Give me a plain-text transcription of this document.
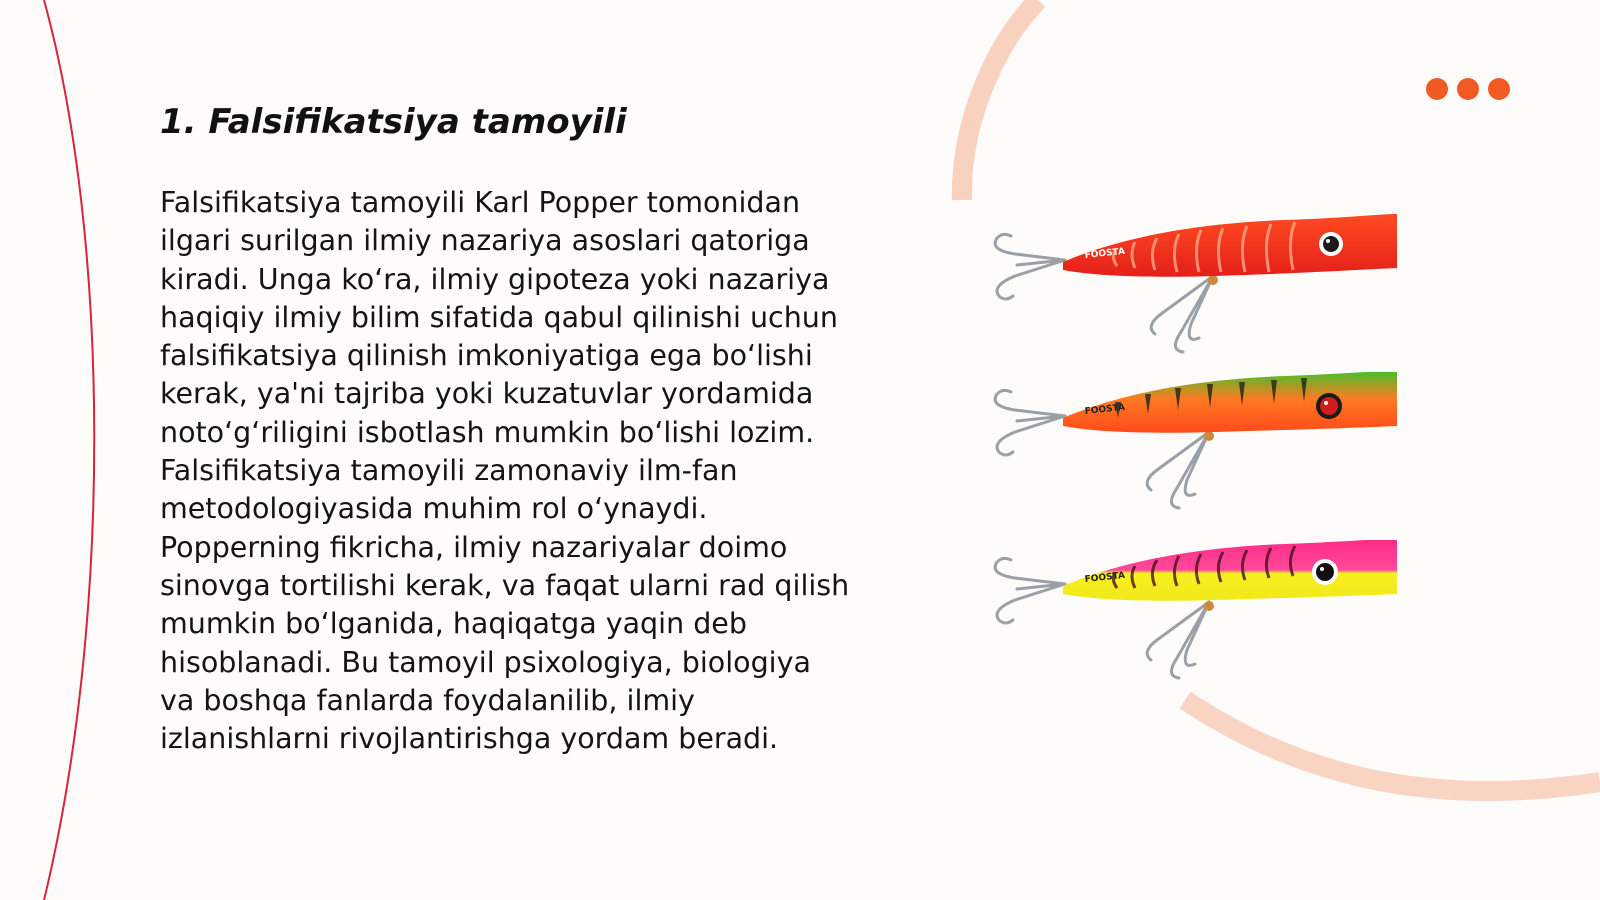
1. Falsifikatsiya tamoyili

Falsifikatsiya tamoyili Karl Popper tomonidan ilgari surilgan ilmiy nazariya asoslari qatoriga kiradi. Unga ko‘ra, ilmiy gipoteza yoki nazariya haqiqiy ilmiy bilim sifatida qabul qilinishi uchun falsifikatsiya qilinish imkoniyatiga ega bo‘lishi kerak, ya'ni tajriba yoki kuzatuvlar yordamida noto‘g‘riligini isbotlash mumkin bo‘lishi lozim. Falsifikatsiya tamoyili zamonaviy ilm-fan metodologiyasida muhim rol o‘ynaydi. Popperning fikricha, ilmiy nazariyalar doimo sinovga tortilishi kerak, va faqat ularni rad qilish mumkin bo‘lganida, haqiqatga yaqin deb hisoblanadi. Bu tamoyil psixologiya, biologiya va boshqa fanlarda foydalanilib, ilmiy izlanishlarni rivojlantirishga yordam beradi.

FOOSTA
FOOSTA
FOOSTA
